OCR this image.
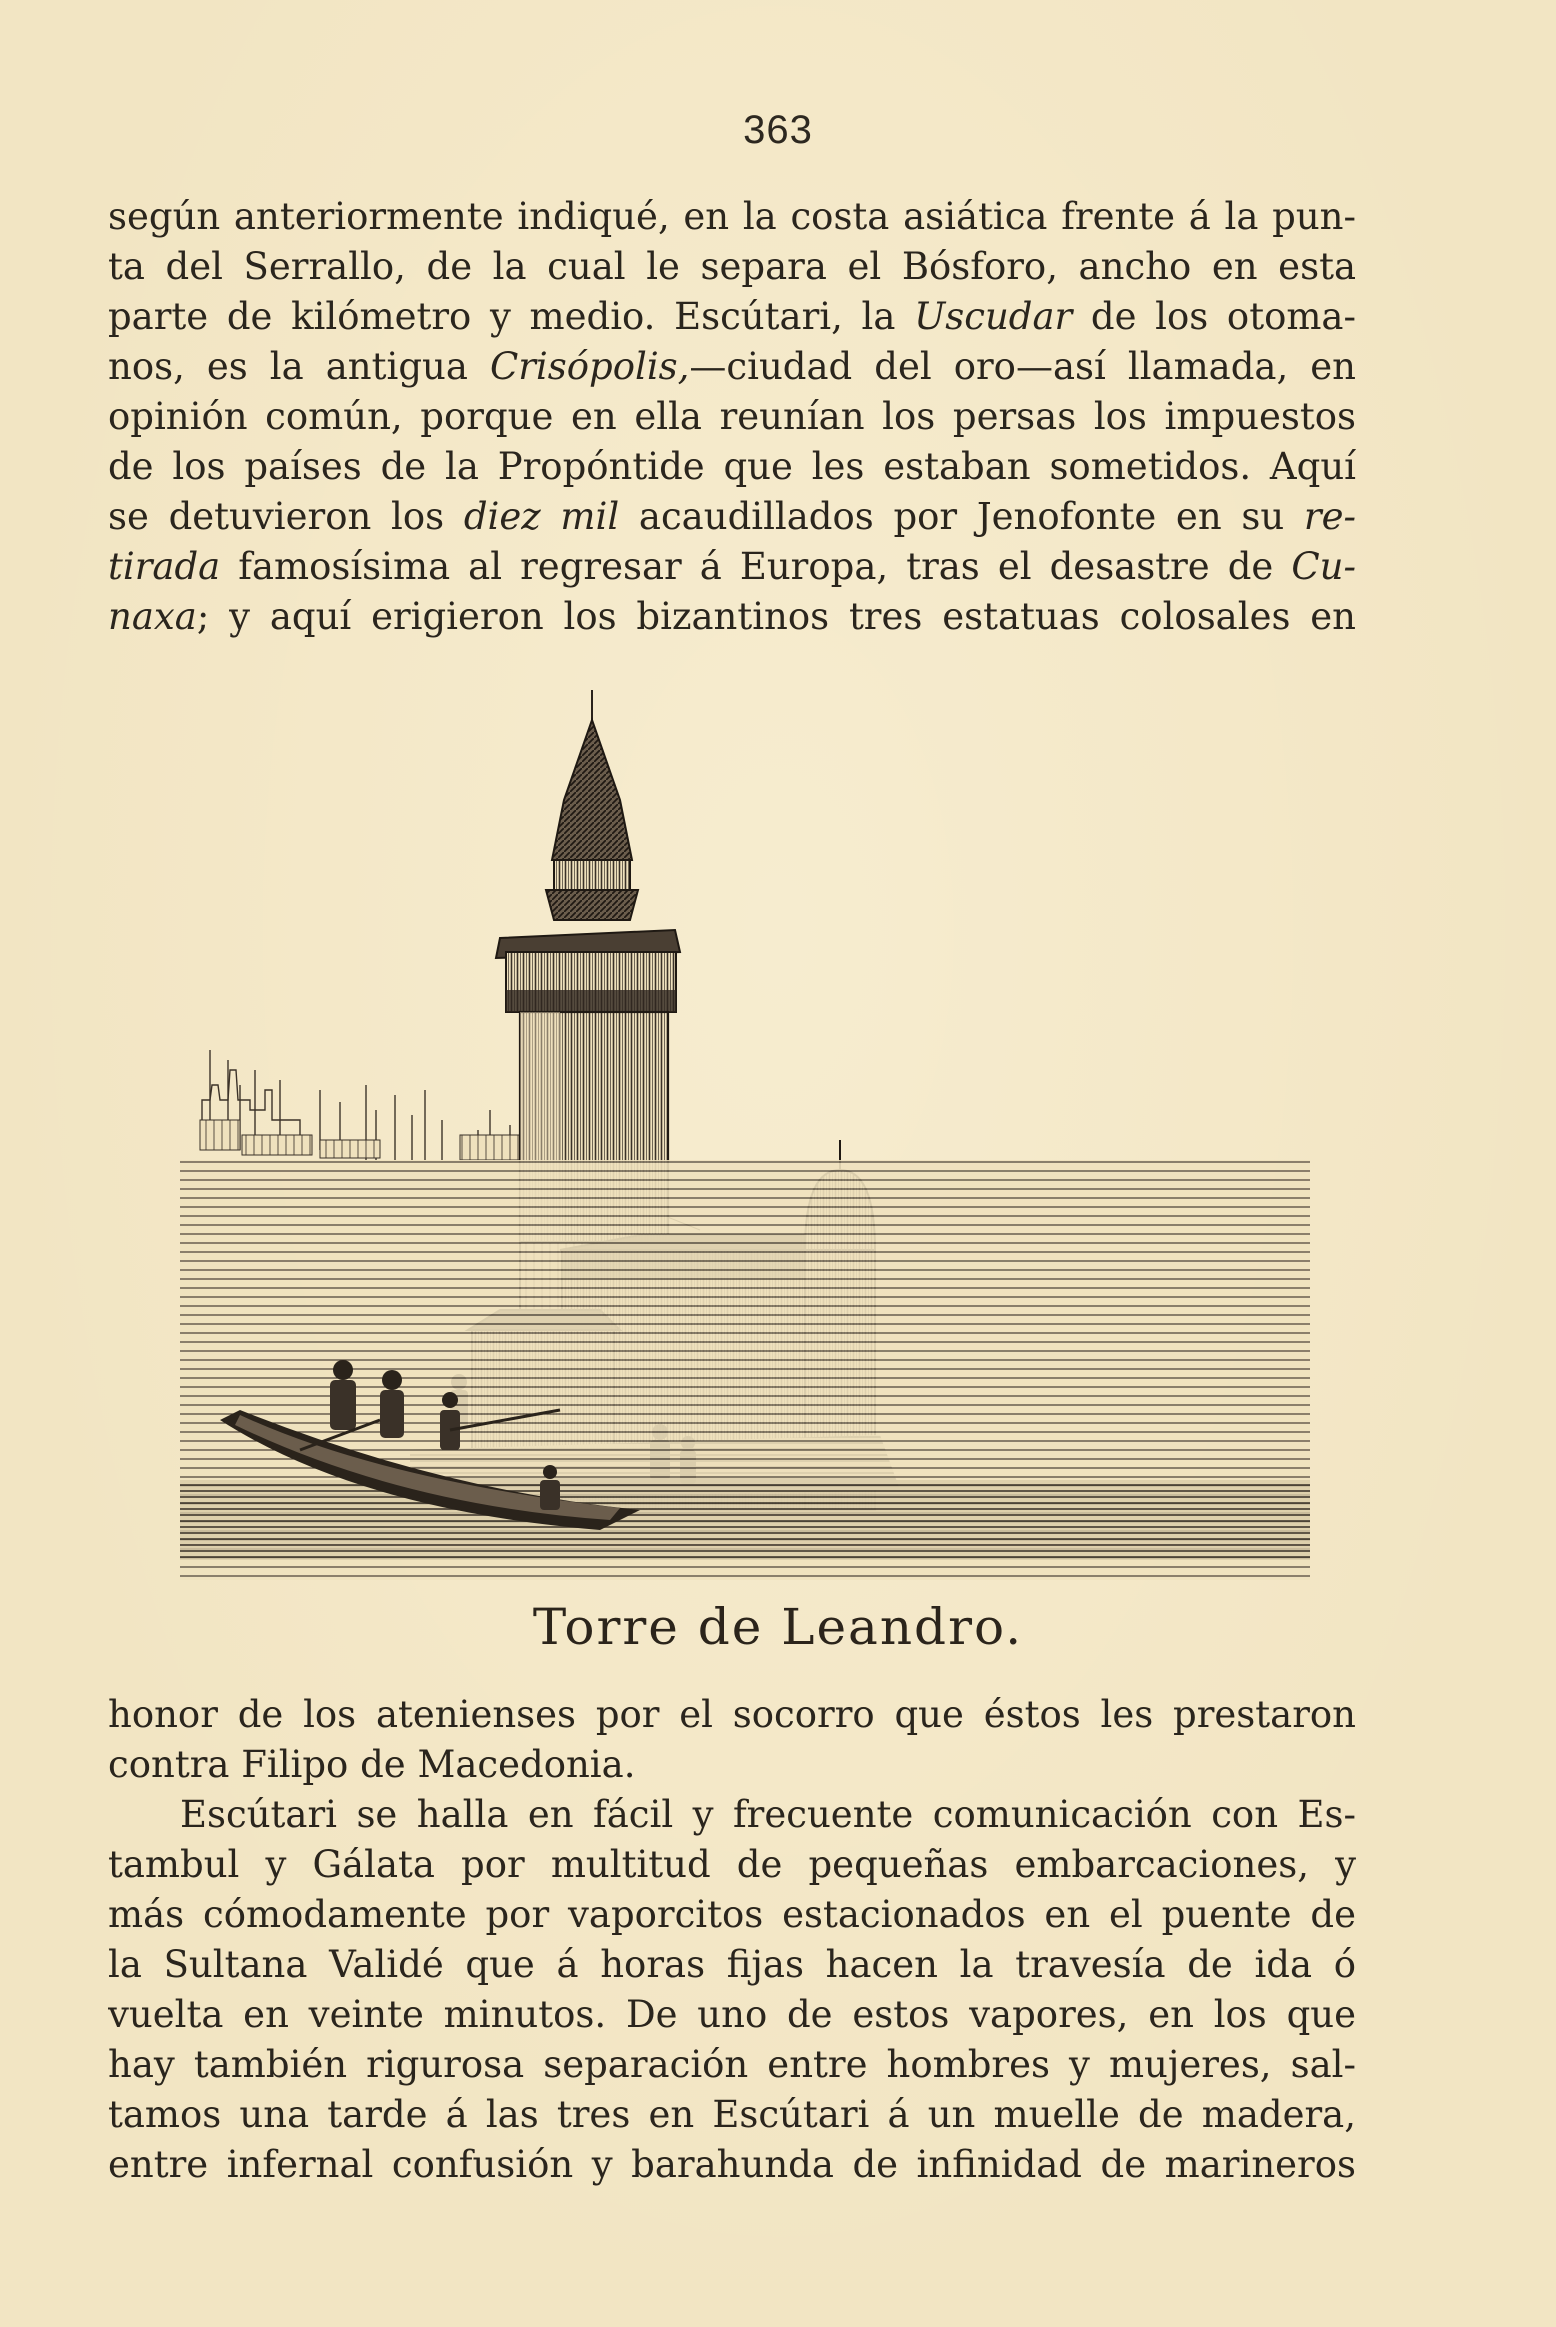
363
según anteriormente indiqué, en la costa asiática frente á la pun-
ta del Serrallo, de la cual le separa el Bósforo, ancho en esta
parte de kilómetro y medio. Escútari, la Uscudar de los otoma-
nos, es la antigua Crisópolis,—ciudad del oro—así llamada, en
opinión común, porque en ella reunían los persas los impuestos
de los países de la Propóntide que les estaban sometidos. Aquí
se detuvieron los diez mil acaudillados por Jenofonte en su re-
tirada famosísima al regresar á Europa, tras el desastre de Cu-
naxa; y aquí erigieron los bizantinos tres estatuas colosales en
Torre de Leandro.
honor de los atenienses por el socorro que éstos les prestaron
contra Filipo de Macedonia.
Escútari se halla en fácil y frecuente comunicación con Es-
tambul y Gálata por multitud de pequeñas embarcaciones, y
más cómodamente por vaporcitos estacionados en el puente de
la Sultana Validé que á horas fijas hacen la travesía de ida ó
vuelta en veinte minutos. De uno de estos vapores, en los que
hay también rigurosa separación entre hombres y mujeres, sal-
tamos una tarde á las tres en Escútari á un muelle de madera,
entre infernal confusión y barahunda de infinidad de marineros
